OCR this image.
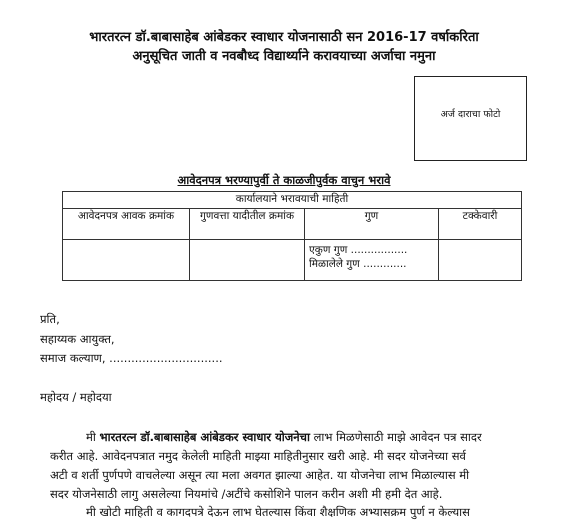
भारतरत्न डॉ.बाबासाहेब आंबेडकर स्वाधार योजनासाठी सन 2016-17 वर्षाकरिता
अनुसूचित जाती व नवबौध्द विद्यार्थ्याने करावयाच्या अर्जाचा नमुना
अर्ज दाराचा फोटो
आवेदनपत्र भरण्यापुर्वी ते काळजीपुर्वक वाचुन भरावे
कार्यालयाने भरावयाची माहिती			
आवेदनपत्र आवक क्रमांक	गुणवत्ता यादीतील क्रमांक	गुण	टक्केवारी

		एकुण गुण .................
मिळालेले गुण .............	

प्रति,
सहाय्यक आयुक्त,
समाज कल्याण, ...............................
महोदय / महोदया
मी भारतरत्न डॉ.बाबासाहेब आंबेडकर स्वाधार योजनेचा लाभ मिळणेसाठी माझे आवेदन पत्र सादर
करीत आहे. आवेदनपत्रात नमुद केलेली माहिती माझ्या माहितीनुसार खरी आहे. मी सदर योजनेच्या सर्व
अटी व शर्ती पुर्णपणे वाचलेल्या असून त्या मला अवगत झाल्या आहेत. या योजनेचा लाभ मिळाल्यास मी
सदर योजनेसाठी लागु असलेल्या नियमांचे /अटींचे कसोशिने पालन करीन अशी मी हमी देत आहे.
मी खोटी माहिती व कागदपत्रे देऊन लाभ घेतल्यास किंवा शैक्षणिक अभ्यासक्रम पुर्ण न केल्यास
